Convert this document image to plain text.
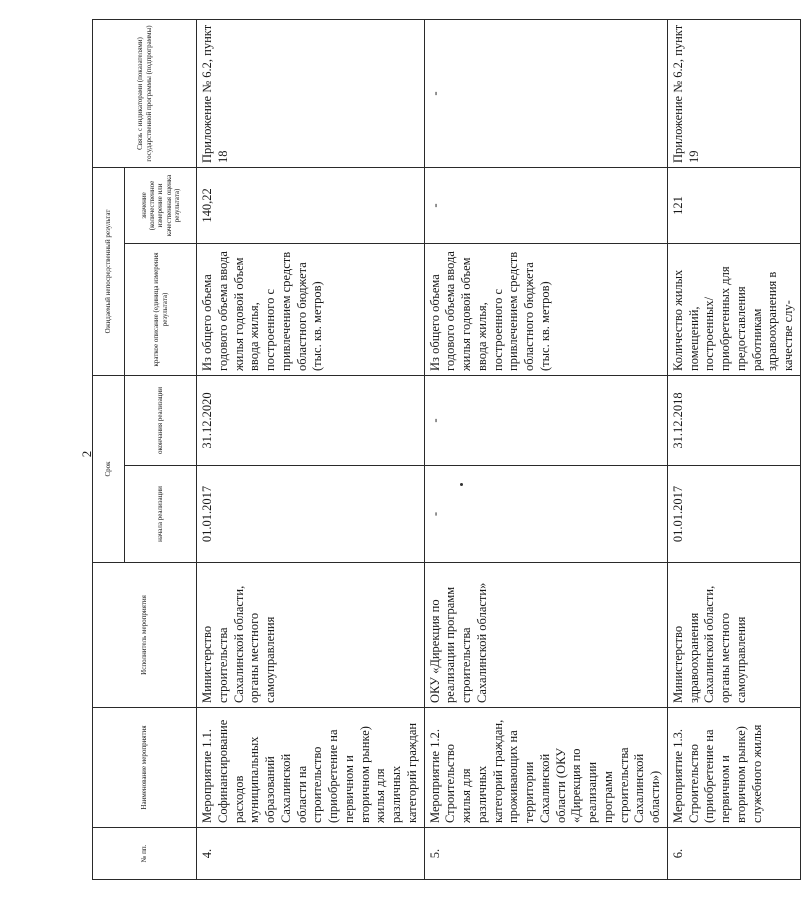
2
№ пп.	Наименование мероприятия	Исполнитель мероприятия	Срок		Ожидаемый непосредственный результат		Связь с индикаторами (показателями) государственной программы (подпрограммы)
			начала реализации	окончания реализации	краткое описание (единица измерения результата)	значение (количественное измерение или качественная оценка результата)	
4.	Мероприятие 1.1. Софинансирование расходов муниципальных образований Сахалинской области на строительство (приобретение на первичном и вторичном рынке) жилья для различных категорий граждан	Министерство строительства Сахалинской области, органы местного самоуправления	01.01.2017	31.12.2020	Из общего объема годового объема ввода жилья годовой объем ввода жилья, построенного с привлечением средств областного бюджета (тыс. кв. метров)	140,22	Приложение № 6.2, пункт 18
5.	Мероприятие 1.2. Строительство жилья для различных категорий граждан, проживающих на территории Сахалинской области (ОКУ «Дирекция по реализации программ строительства Сахалинской области»)	ОКУ «Дирекция по реализации программ строительства Сахалинской области»	-	-	Из общего объема годового объема ввода жилья годовой объем ввода жилья, построенного с привлечением средств областного бюджета (тыс. кв. метров)	-	-
6.	Мероприятие 1.3. Строительство (приобретение на первичном и вторичном рынке) служебного жилья	Министерство здравоохранения Сахалинской области, органы местного самоуправления	01.01.2017	31.12.2018	Количество жилых помещений, построенных/приобретенных для предоставления работникам здравоохранения в качестве слу-	121	Приложение № 6.2, пункт 19
